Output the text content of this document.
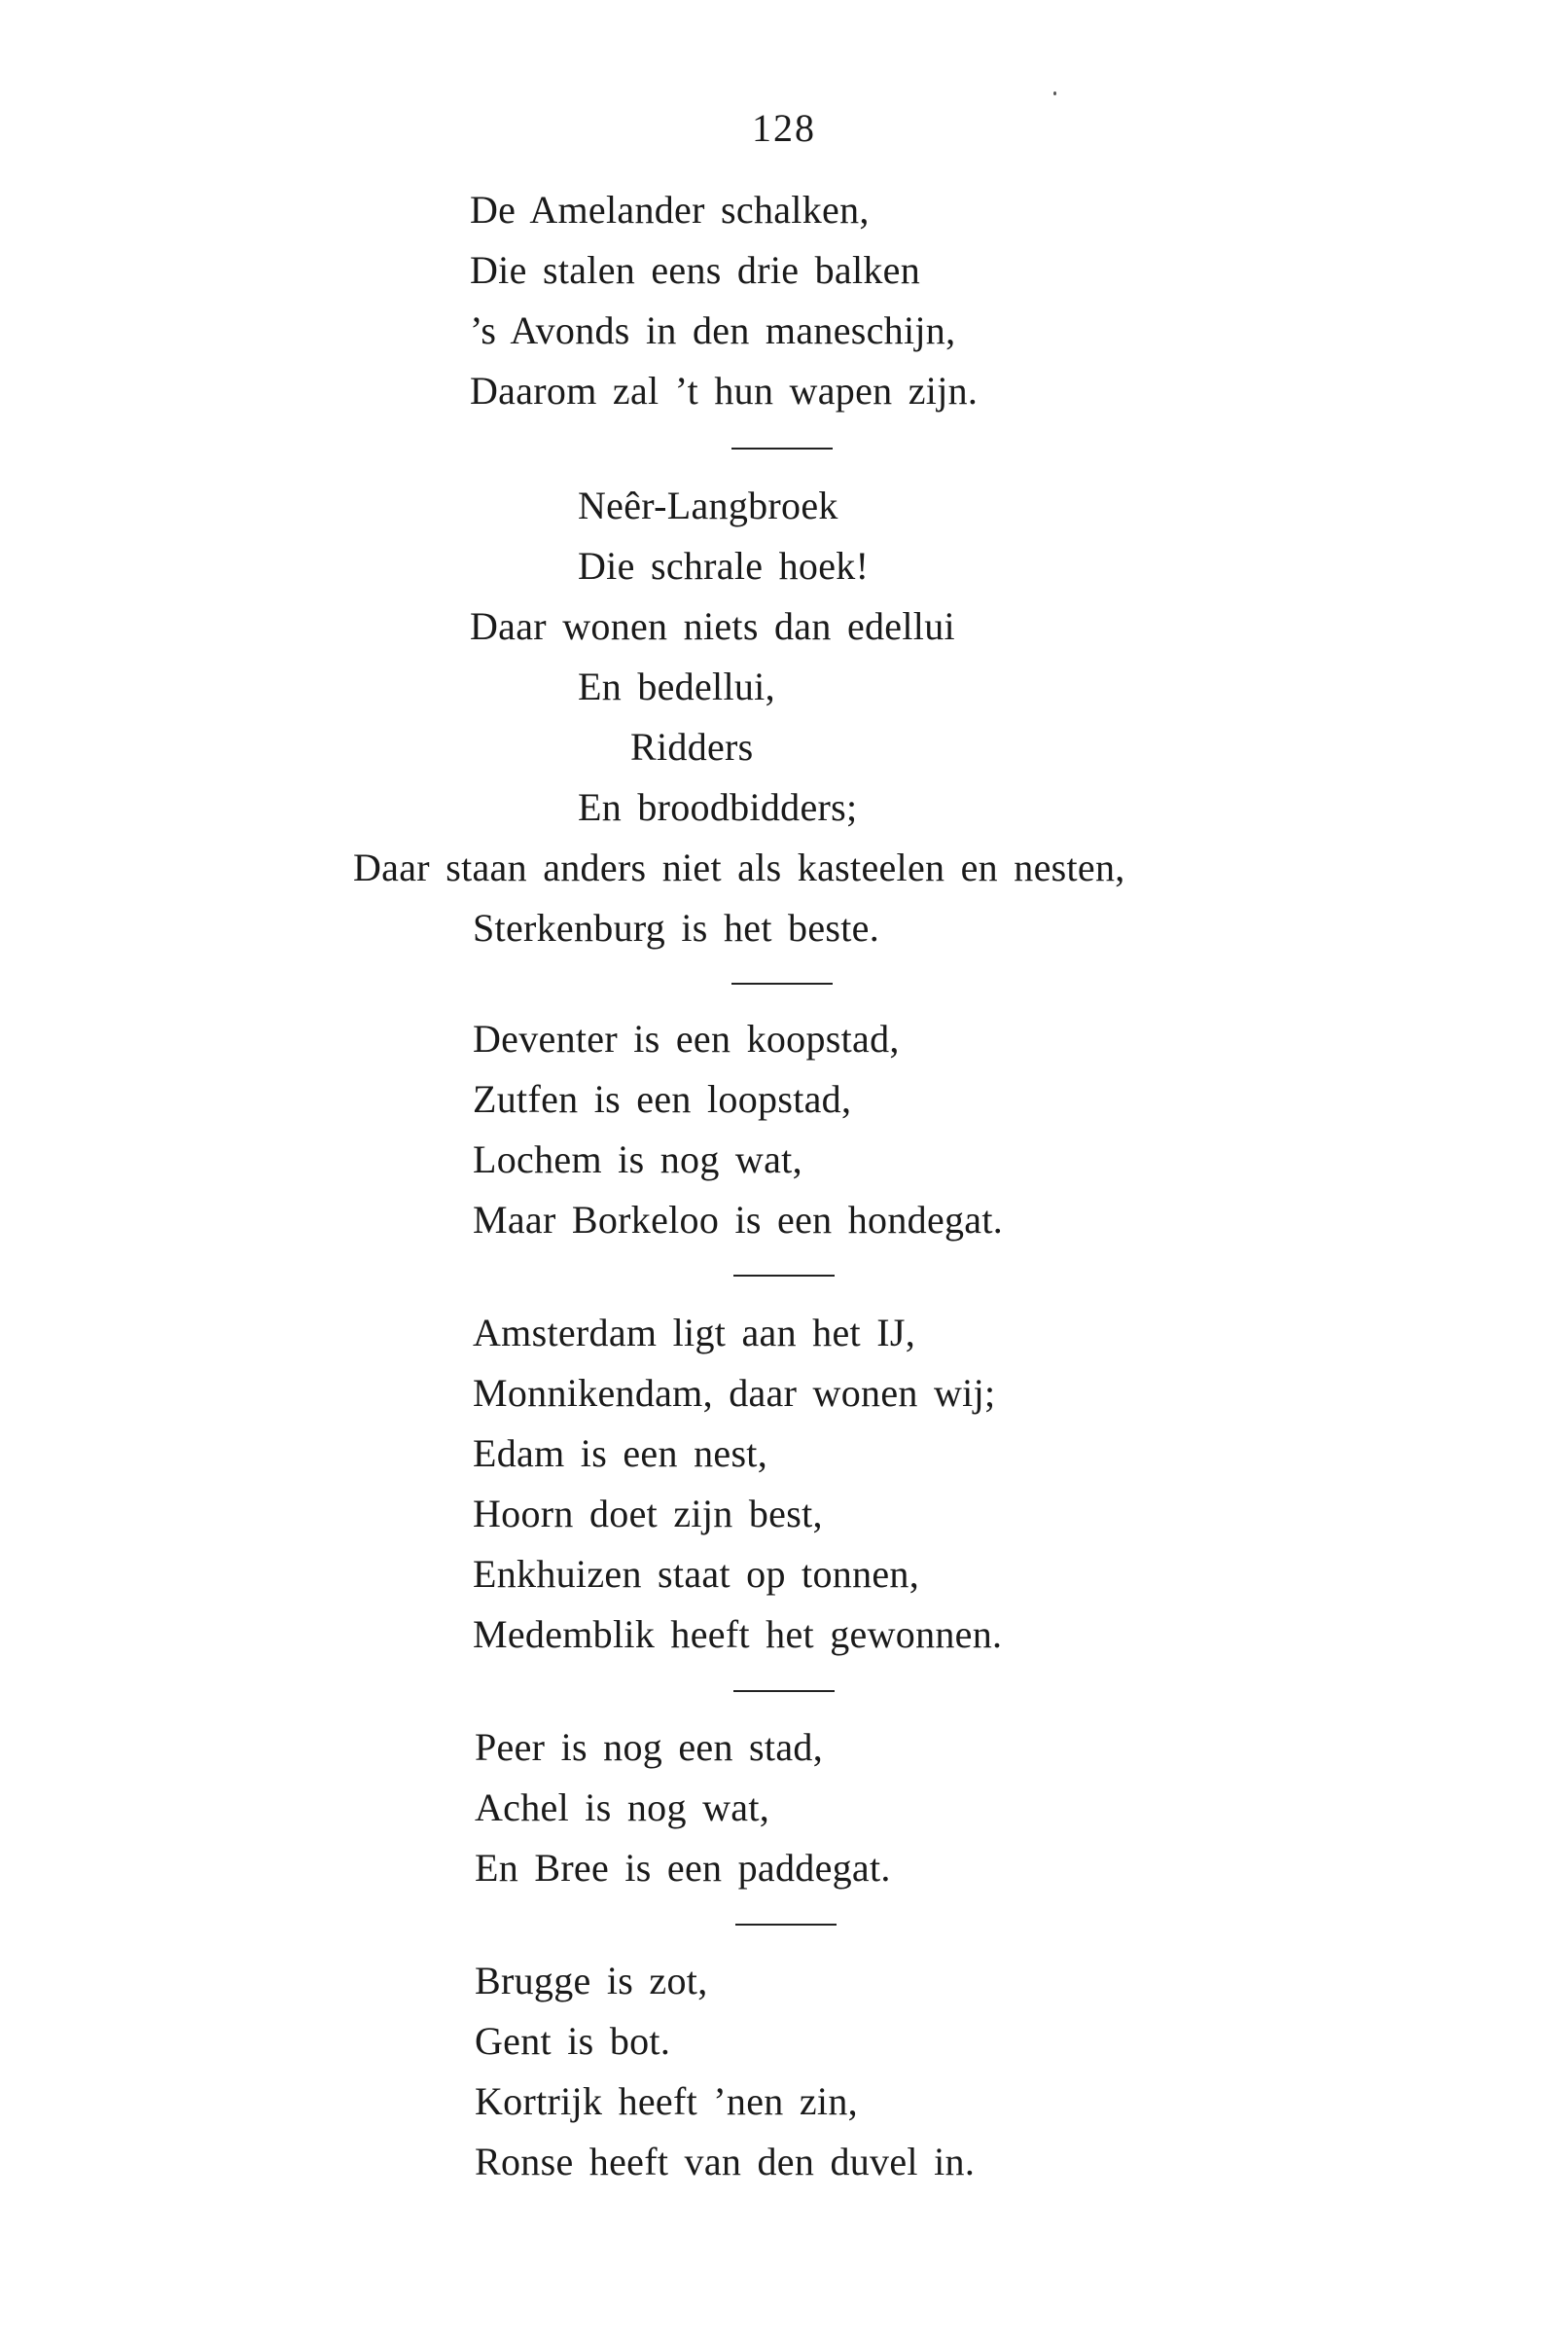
128
De Amelander schalken,
Die stalen eens drie balken
’s Avonds in den maneschijn,
Daarom zal ’t hun wapen zijn.
Neêr-Langbroek
Die schrale hoek!
Daar wonen niets dan edellui
En bedellui,
Ridders
En broodbidders;
Daar staan anders niet als kasteelen en nesten,
Sterkenburg is het beste.
Deventer is een koopstad,
Zutfen is een loopstad,
Lochem is nog wat,
Maar Borkeloo is een hondegat.
Amsterdam ligt aan het IJ,
Monnikendam, daar wonen wij;
Edam is een nest,
Hoorn doet zijn best,
Enkhuizen staat op tonnen,
Medemblik heeft het gewonnen.
Peer is nog een stad,
Achel is nog wat,
En Bree is een paddegat.
Brugge is zot,
Gent is bot.
Kortrijk heeft ’nen zin,
Ronse heeft van den duvel in.
